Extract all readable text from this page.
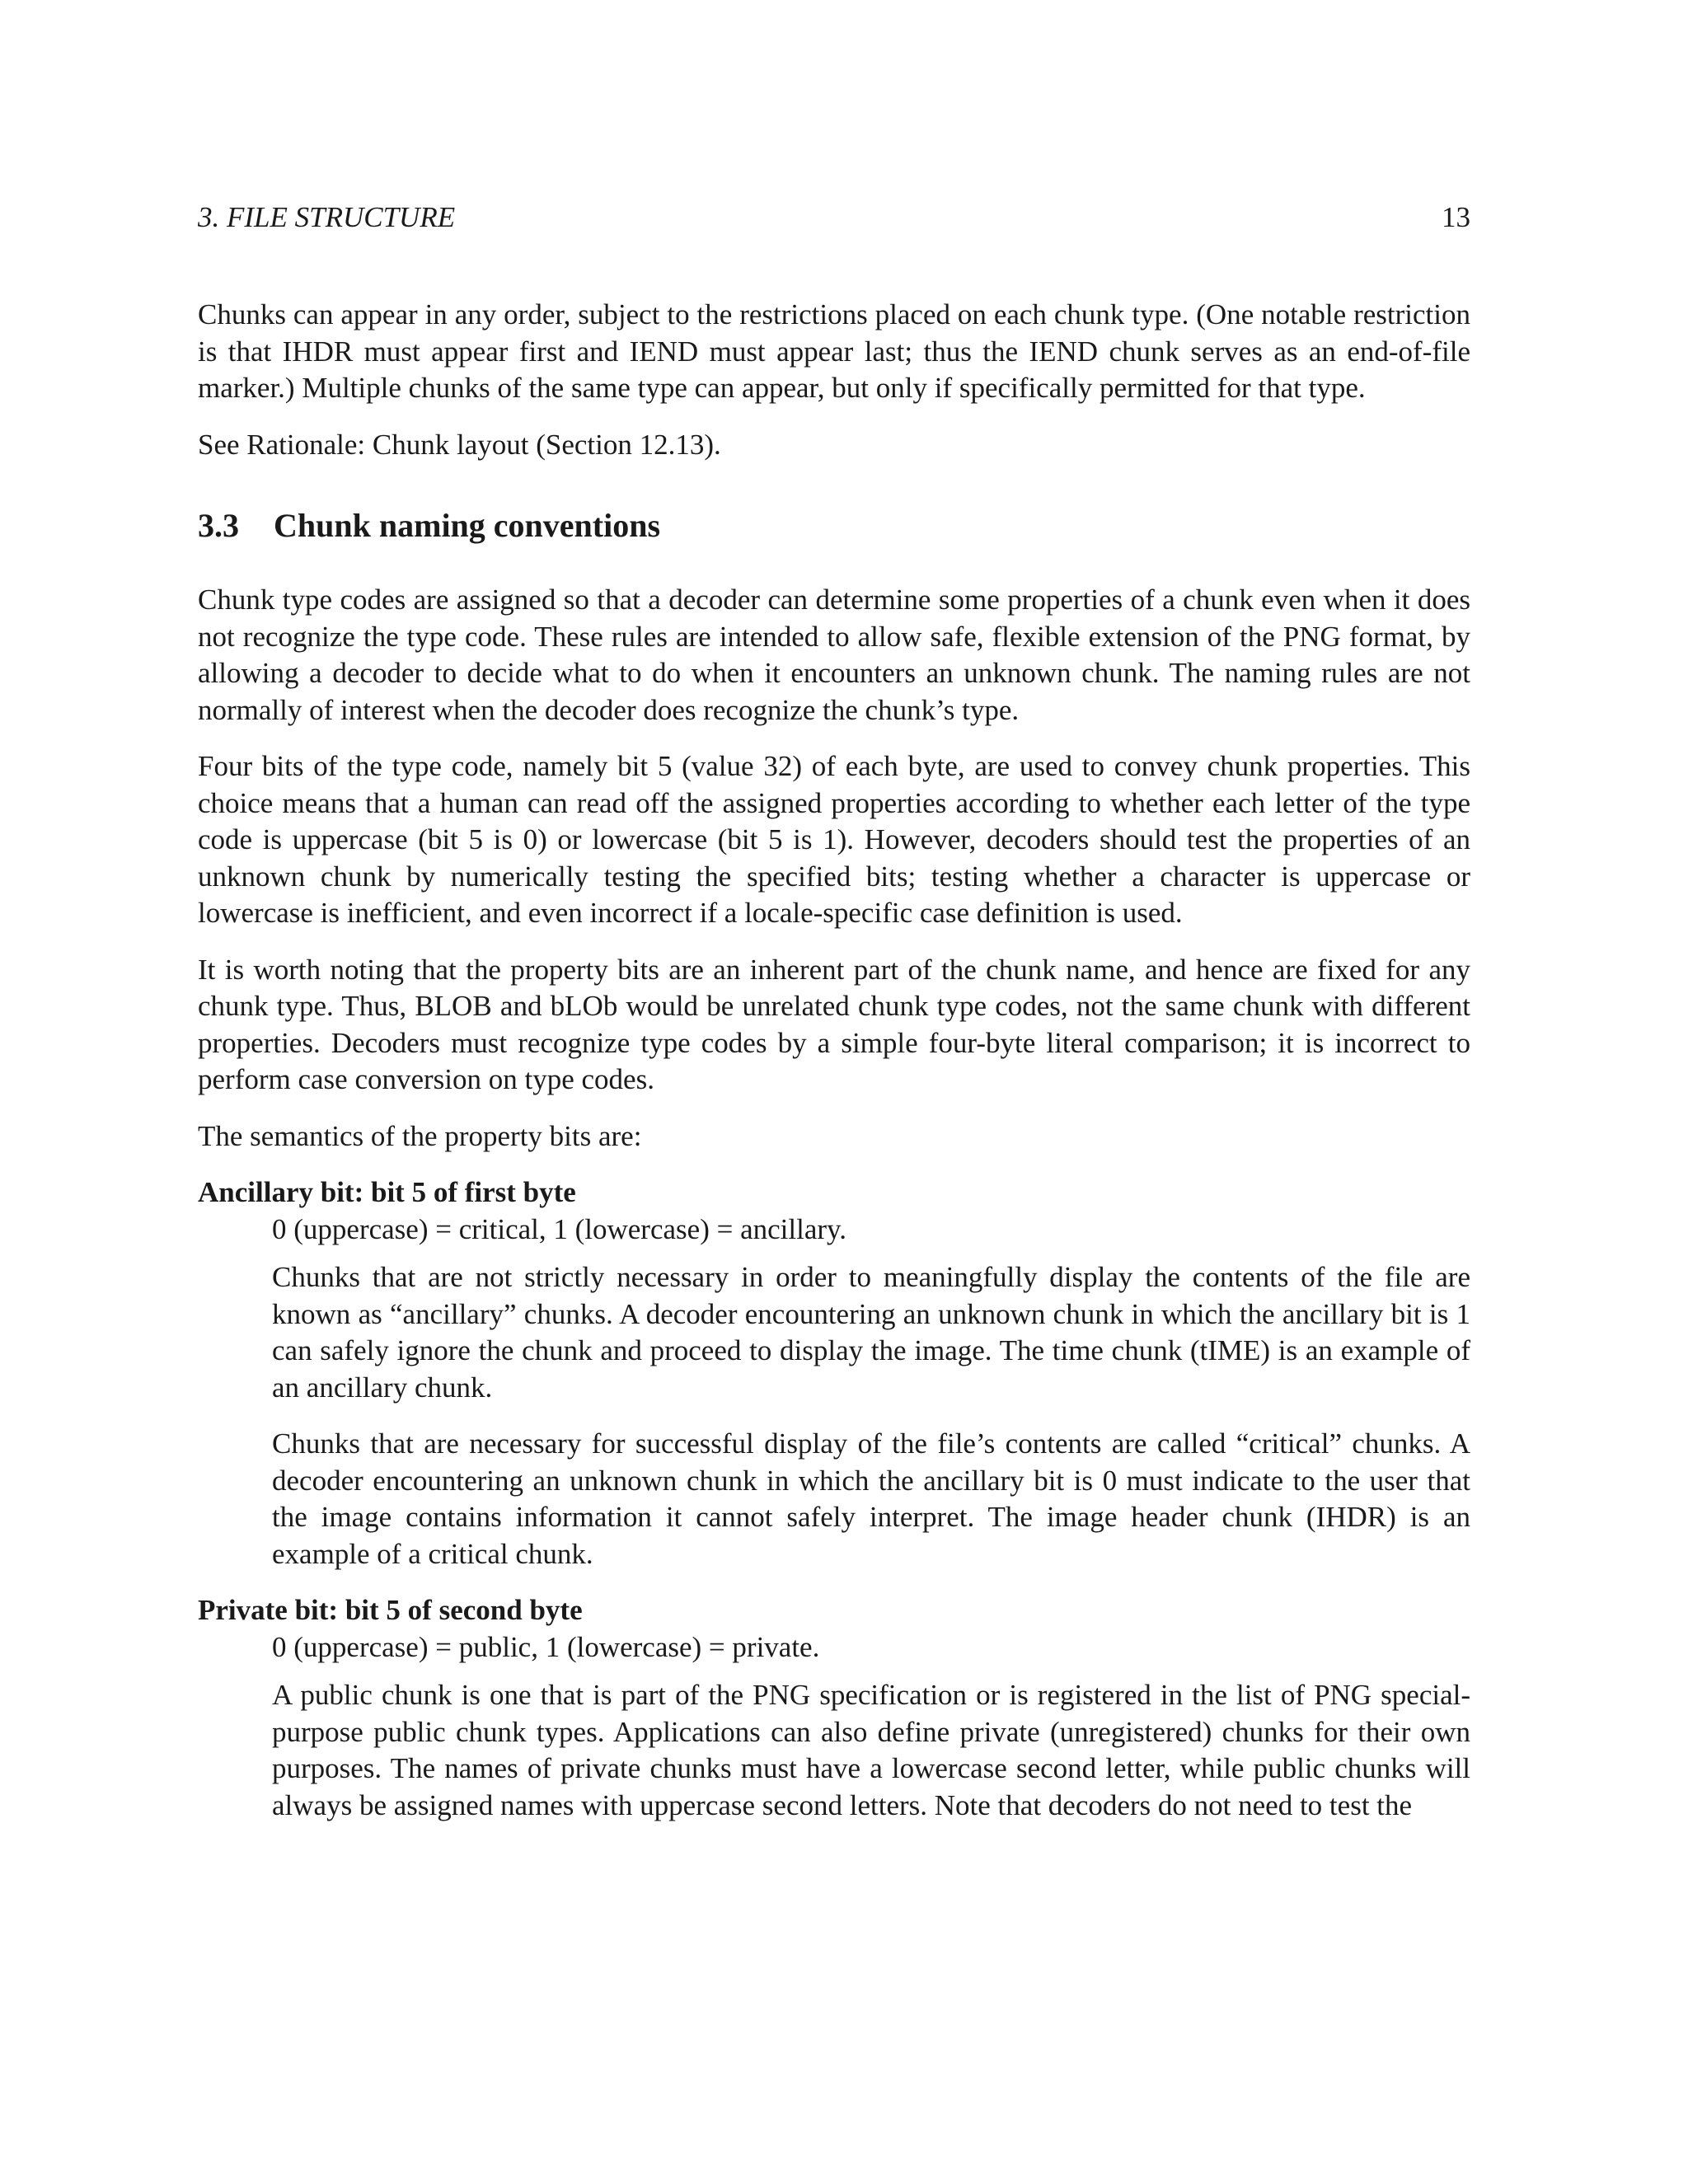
3. FILE STRUCTURE	13

Chunks can appear in any order, subject to the restrictions placed on each chunk type. (One notable restriction is that IHDR must appear first and IEND must appear last; thus the IEND chunk serves as an end-of-file marker.) Multiple chunks of the same type can appear, but only if specifically permitted for that type.

See Rationale: Chunk layout (Section 12.13).

3.3 Chunk naming conventions

Chunk type codes are assigned so that a decoder can determine some properties of a chunk even when it does not recognize the type code. These rules are intended to allow safe, flexible extension of the PNG format, by allowing a decoder to decide what to do when it encounters an unknown chunk. The naming rules are not normally of interest when the decoder does recognize the chunk’s type.

Four bits of the type code, namely bit 5 (value 32) of each byte, are used to convey chunk properties. This choice means that a human can read off the assigned properties according to whether each letter of the type code is uppercase (bit 5 is 0) or lowercase (bit 5 is 1). However, decoders should test the properties of an unknown chunk by numerically testing the specified bits; testing whether a character is uppercase or lowercase is inefficient, and even incorrect if a locale-specific case definition is used.

It is worth noting that the property bits are an inherent part of the chunk name, and hence are fixed for any chunk type. Thus, BLOB and bLOb would be unrelated chunk type codes, not the same chunk with different properties. Decoders must recognize type codes by a simple four-byte literal comparison; it is incorrect to perform case conversion on type codes.

The semantics of the property bits are:

Ancillary bit: bit 5 of first byte

0 (uppercase) = critical, 1 (lowercase) = ancillary.

Chunks that are not strictly necessary in order to meaningfully display the contents of the file are known as “ancillary” chunks. A decoder encountering an unknown chunk in which the ancillary bit is 1 can safely ignore the chunk and proceed to display the image. The time chunk (tIME) is an example of an ancillary chunk.

Chunks that are necessary for successful display of the file’s contents are called “critical” chunks. A decoder encountering an unknown chunk in which the ancillary bit is 0 must indicate to the user that the image contains information it cannot safely interpret. The image header chunk (IHDR) is an example of a critical chunk.

Private bit: bit 5 of second byte

0 (uppercase) = public, 1 (lowercase) = private.

A public chunk is one that is part of the PNG specification or is registered in the list of PNG special-purpose public chunk types. Applications can also define private (unregistered) chunks for their own purposes. The names of private chunks must have a lowercase second letter, while public chunks will always be assigned names with uppercase second letters. Note that decoders do not need to test the
